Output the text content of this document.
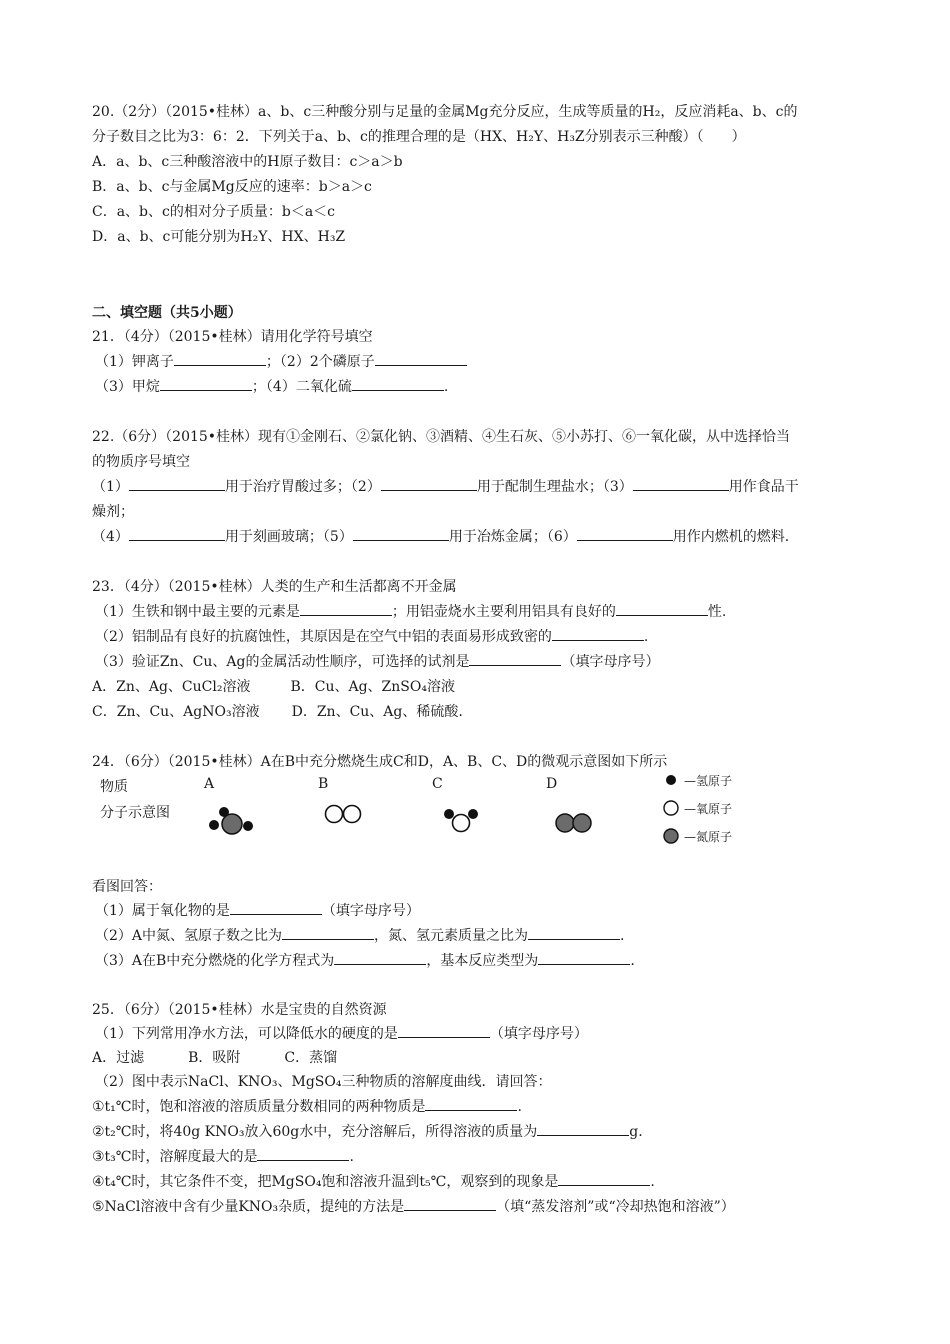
20.（2分）（2015•桂林）a、b、c三种酸分别与足量的金属Mg充分反应，生成等质量的H₂，反应消耗a、b、c的
分子数目之比为3：6：2．下列关于a、b、c的推理合理的是（HX、H₂Y、H₃Z分别表示三种酸）（　　）
A．a、b、c三种酸溶液中的H原子数目：c＞a＞b
B．a、b、c与金属Mg反应的速率：b＞a＞c
C．a、b、c的相对分子质量：b＜a＜c
D．a、b、c可能分别为H₂Y、HX、H₃Z
二、填空题（共5小题）
21．（4分）（2015•桂林）请用化学符号填空
（1）钾离子	；（2）2个磷原子
（3）甲烷	；（4）二氧化硫	.
22.（6分）（2015•桂林）现有①金刚石、②氯化钠、③酒精、④生石灰、⑤小苏打、⑥一氧化碳，从中选择恰当
的物质序号填空
（1）	用于治疗胃酸过多；（2）	用于配制生理盐水；（3）	用作食品干
燥剂；
（4）	用于刻画玻璃；（5）	用于冶炼金属；（6）	用作内燃机的燃料.
23．（4分）（2015•桂林）人类的生产和生活都离不开金属
（1）生铁和钢中最主要的元素是	；用铝壶烧水主要利用铝具有良好的	性.
（2）铝制品有良好的抗腐蚀性，其原因是在空气中铝的表面易形成致密的	.
（3）验证Zn、Cu、Ag的金属活动性顺序，可选择的试剂是	（填字母序号）
A．Zn、Ag、CuCl₂溶液	B．Cu、Ag、ZnSO₄溶液
C．Zn、Cu、AgNO₃溶液 D．Zn、Cu、Ag、稀硫酸.
24．（6分）（2015•桂林）A在B中充分燃烧生成C和D，A、B、C、D的微观示意图如下所示
物质
分子示意图
A	B	C	D	—氢原子
—氧原子
—氮原子
看图回答：
（1）属于氧化物的是	（填字母序号）
（2）A中氮、氢原子数之比为	，氮、氢元素质量之比为	.
（3）A在B中充分燃烧的化学方程式为	，基本反应类型为	.
25．（6分）（2015•桂林）水是宝贵的自然资源
（1）下列常用净水方法，可以降低水的硬度的是	（填字母序号）
A．过滤	B．吸附	C．蒸馏
（2）图中表示NaCl、KNO₃、MgSO₄三种物质的溶解度曲线．请回答：
①t₁℃时，饱和溶液的溶质质量分数相同的两种物质是	.
②t₂℃时，将40g KNO₃放入60g水中，充分溶解后，所得溶液的质量为	g.
③t₃℃时，溶解度最大的是	.
④t₄℃时，其它条件不变，把MgSO₄饱和溶液升温到t₅℃，观察到的现象是	.
⑤NaCl溶液中含有少量KNO₃杂质，提纯的方法是	（填“蒸发溶剂”或“冷却热饱和溶液”）
